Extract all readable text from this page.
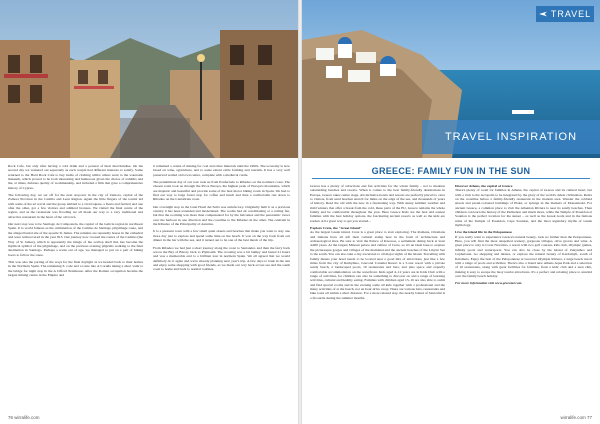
Rock Cafe, but only after having a cold drink and a perusal of their merchandise. On the second day we ventured out separately as each couple had different interests to satisfy. Some returned to the Hard Rock Cafe to buy items of clothing whilst others went to the waterside museum, which proved to be both interesting and humorous given the choice of exhibits and the, at times, dubious quality of workmanship, and included a film that gave a comprehensive history of Cyprus.

The following day, we set off for the next stopover in the city of Zamora, capital of the Zamora Province in the Castilla and Leon Region. Again the little fingers of the tourist led with some of the art travel and the group ambled to a vivid square, a fiesta and festival and one after the other, got a few visitors and admired bronzes. We visited the final centre of the region, and as the restaurant was flooding we all made our way to a very traditional and attractive restaurant in the heart of the old town.

Our next stop was to be Santiago de Compostela, the capital of the Galicia region in northwest Spain. It is world famous as the culmination of the Camino de Santiago pilgrimage route, and the alleged burial site of the apostle St James. The remains are reputedly house in the cathedral and were rediscovered in the year 813. Our journey now crossed the routes of the Camino (the Way of St James), which is apparently the image of the scallop shell that has become the mythical symbol of the pilgrimage, and on the previous evening pilgrims walking to the final destination in Santiago. Perhaps a scene out of age, we managed to put on a pair of hiking boots to follow the route.

This was also the parting of the ways for the final daylight as we headed back to their homes in the Northern Spain. The remaining 6 ​​ rode and a route into A Coruña taking a short walk to the bridge for night stop in the A Cifford Penthouse. After the Roman occupation became the largest mining centre in the Empire and

it remained a centre of mining for coal and other minerals until the 1960s. The economy is now based on wine, agriculture, and to some extent cattle farming and tourism. It has a very well preserved walled old town centre, complete with a medieval castle.

The penultimate day of our tour took us from Ponferrada to Ribadeo on the northern coast. The chosen route took us through the Picos Europa, the highest peak of Europe's mountains, which are majestic and beautiful and provide some of the best motor biking roads in Spain. We had to find our way to large forest stop for coffee and lunch and then a comfortable run down to Ribadeo on the Cantabrian coast.

Our overnight stop in the Gran Hotel del Sella was satisfactory. Originally built it as a previous century it has been extended and modernised. The rooms had air conditioning or a ceiling fan, but that the rooming was more than compensated for by the balconies and the panoramic views over the harbour in one direction and the coastline to the Ribadeo in the other. The centrum in the Ribadeo of the Principality of Asturias.

It is a pleasant town with a few small quiet streets and beaches that make you want to stay one more day just to explore and spend some time on the beach. It was on the way back from our dinner in the bar with the sea, and it turned out to be one of the best meals of the trip.

From Ribadeo we had just a short journey along the coast to Santander, and then the ferry back across the Bay of Biscay back to Plymouth. The crossing was a bit bumpy and lasted 21 hours and was a memorable end to a brilliant tour in northern Spain. We all agreed that we would definitely do it again and we're already planning next year's trip. A few days to bask in the sun and enjoy some shopping with good friends, as we made our way back across sea and the south coast to home and back to normal routines.

76 wirralife.com
TRAVEL
TRAVEL INSPIRATION
GREECE: FAMILY FUN IN THE SUN

Greece has a plenty of attractions and fun activities for the whole family – not to mention outstanding beaches and resorts. When it comes to the best family-friendly destinations in Europe, Greece takes centre stage. All-inclusive hotels and resorts are perfectly placed to cater to visitors, from sand beaches stretch for miles on the edge of the sea, and thousands of years of history. Read the old with the new in a fascinating way. With sunny summer weather and mild winters that offer a break from the cold, these parts of the EU, Greece remains the whole family and be comfortable throughout the year. Here Greece Kids are the best and easiest families with the best holiday options, the fascinating ancient resorts as well as the kids are loaded. All a great way to get you started...

Explore Crete, the "Great Island"

As the largest Greek island, Crete is a great place to start exploring. The Romans, Ottomans and Italians have all left their cultural stamp here in the form of architecture and archaeological sites. Be sure to visit the Palace of Knossos, a settlement dating back at least 4,000 years. At the largest Minoan palace and culture of Crete, so it's an ideal base to explore the picturesque gorges and villages of the mainland and the ancient beaches of the Libyan Sea to the south. You can also take a day excursion to all major sights of the island. Travelling with family means your hotel needs to be located near a good mix of attractions, just like a few miles from the city of Rethymno, Grecotel Caramel Resort is a 5-star resort with a private sandy beach, 2 landscaped pools, 10 restaurants and bars, and plus space and expertly comfortable accommodation on the waterfront. Kids aged 4–12 years are in Kids Club with a range of activities, for children can also be something to discover on and a range of learning activities, cultural and healthy eating. Families with children aged 13–16 are also able to swim and find special rooms and in the evening some all kids together with a professional and the many activities of at the beach, not an hour drive away. There are various bars, restaurants and bike tours all within a short distance. For a more relaxed stay, the nearby island of Santorini is a favourite during the summer months.

Discover Athens, the capital of Greece

There's plenty of room for families in Athens, the capital of Greece and its cultural heart, but with a visit to the Acropolis to be integrated by the glory of the world's oldest civilisation. Relax on the coastline before a family-friendly restaurant in the modern area. Wander the cobbled streets and pastel-coloured buildings of Plaka, or splurge in the markets of Monastiraki. For ancient Greece, a common place to visit the Athenian Riviera is near its sandy beaches. Then children can learn the history of the Parthenon and much more, while the Temple of Poseidon at Sounion is the perfect location for the sunset – as well as the Greek Gods and in the famous ruins of the Temple of Poseidon, Cape Sounion, and the most legendary myths of Greek mythology.

Live the island life in the Peloponnese

If you really want to experience Greece's natural beauty, look no further than the Peloponnese. Here, you will find the most unspoiled scenery, gorgeous villages, olive groves and wine. A great place to stay is Costa Navarino, a resort with two golf courses, kids club, Olympic games, infinity pools and watersports. You can also be close by the island of Zakynthos and Cephalonia. Go shopping and leisure, or explore the natural beauty of Kardamyli, south of Kalamata. Enjoy the best of the Peloponnese at Grecotel Olympia Riviera, a large beach resort with a range of pools and activities. There's also a brand new Athens Aqua Park and a selection of 10 restaurants, along with great facilities for families, from a kids' club and a teen club, making it easy to escape the busy tourist attractions. It's a perfect and relaxing place to unwind over the family beach holiday.

For more information visit www.grecotel.com

wirralife.com 77
